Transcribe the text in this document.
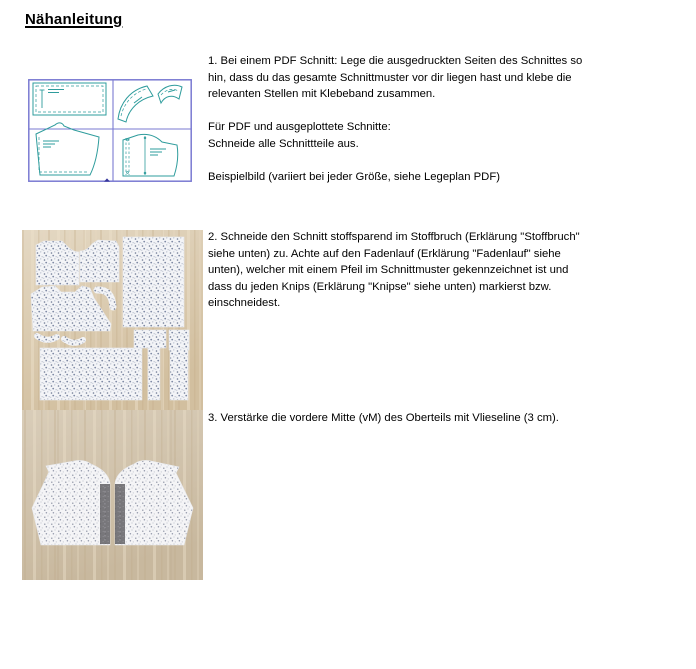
Nähanleitung
1. Bei einem PDF Schnitt: Lege die ausgedruckten Seiten des Schnittes so
hin, dass du das gesamte Schnittmuster vor dir liegen hast und klebe die
relevanten Stellen mit Klebeband zusammen.
Für PDF und ausgeplottete Schnitte:
Schneide alle Schnittteile aus.
Beispielbild (variiert bei jeder Größe, siehe Legeplan PDF)
2. Schneide den Schnitt stoffsparend im Stoffbruch (Erklärung "Stoffbruch"
siehe unten) zu. Achte auf den Fadenlauf (Erklärung "Fadenlauf" siehe
unten), welcher mit einem Pfeil im Schnittmuster gekennzeichnet ist und
dass du jeden Knips (Erklärung "Knipse" siehe unten) markierst bzw.
einschneidest.
3. Verstärke die vordere Mitte (vM) des Oberteils mit Vlieseline (3 cm).
